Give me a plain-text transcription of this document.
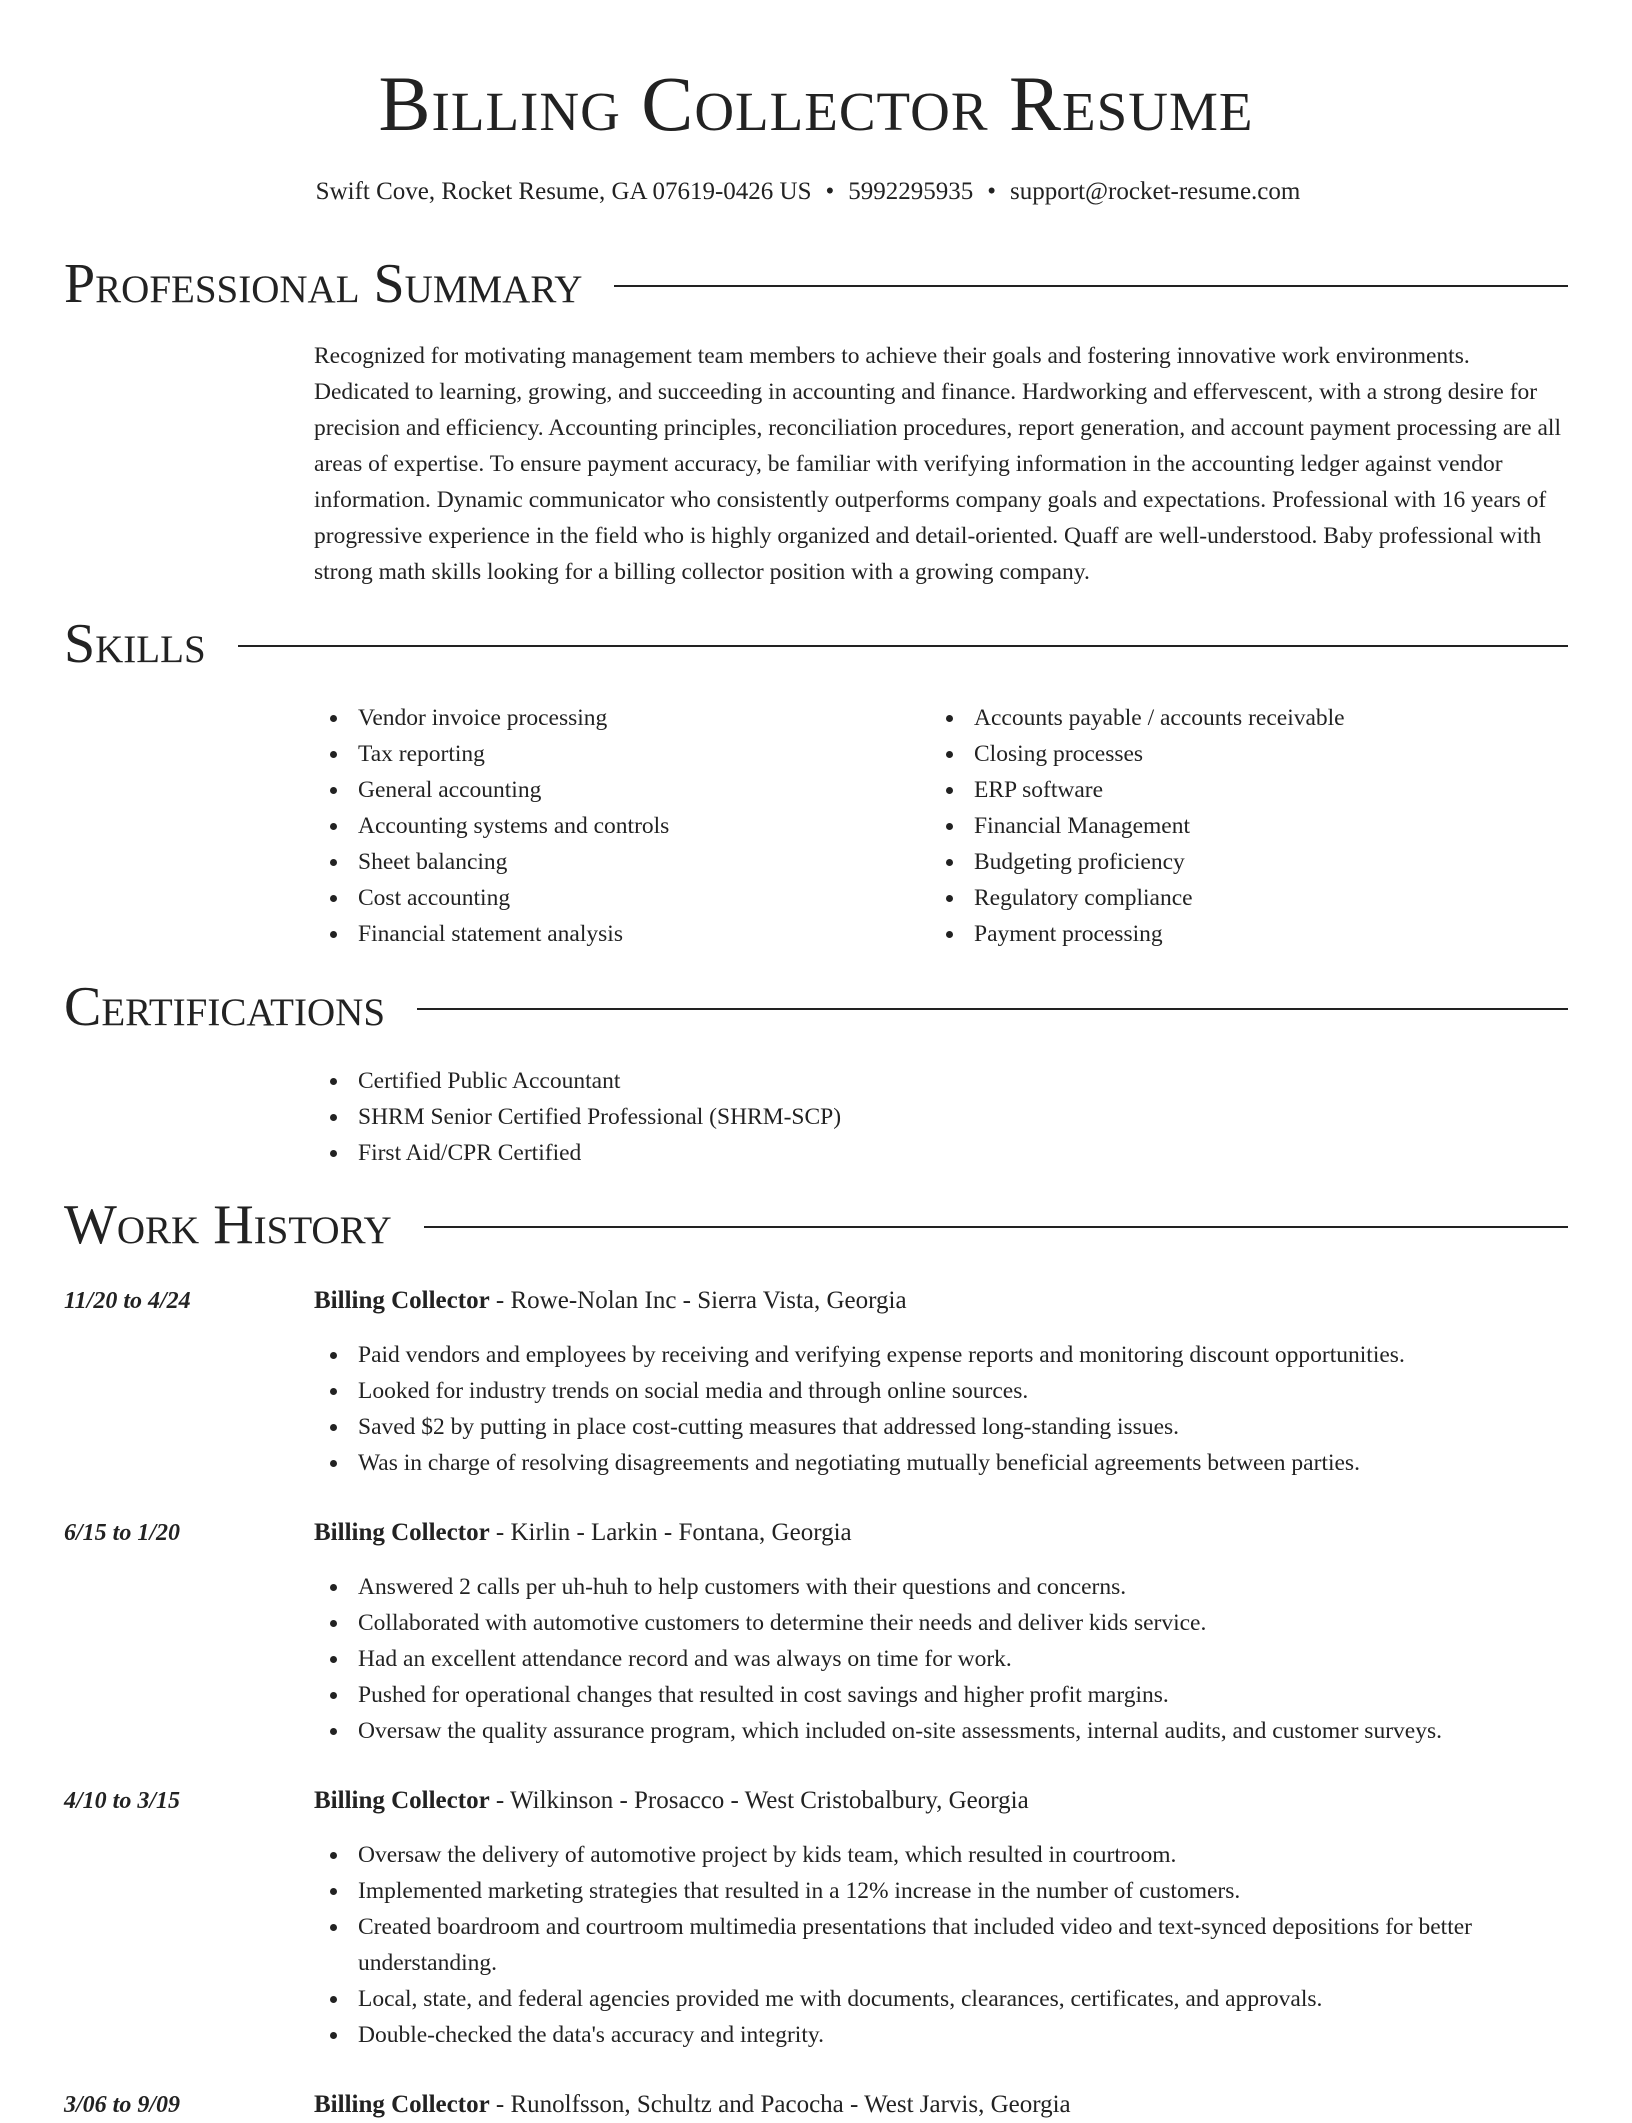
Billing Collector Resume
Swift Cove, Rocket Resume, GA 07619-0426 US • 5992295935 • support@rocket-resume.com
Professional Summary

Recognized for motivating management team members to achieve their goals and fostering innovative work environments. Dedicated to learning, growing, and succeeding in accounting and finance. Hardworking and effervescent, with a strong desire for precision and efficiency. Accounting principles, reconciliation procedures, report generation, and account payment processing are all areas of expertise. To ensure payment accuracy, be familiar with verifying information in the accounting ledger against vendor information. Dynamic communicator who consistently outperforms company goals and expectations. Professional with 16 years of progressive experience in the field who is highly organized and detail-oriented. Quaff are well-understood. Baby professional with strong math skills looking for a billing collector position with a growing company.

Skills
Vendor invoice processing
Tax reporting
General accounting
Accounting systems and controls
Sheet balancing
Cost accounting
Financial statement analysis
Accounts payable / accounts receivable
Closing processes
ERP software
Financial Management
Budgeting proficiency
Regulatory compliance
Payment processing
Certifications
Certified Public Accountant
SHRM Senior Certified Professional (SHRM-SCP)
First Aid/CPR Certified
Work History
11/20 to 4/24	Billing Collector - Rowe-Nolan Inc - Sierra Vista, Georgia
Paid vendors and employees by receiving and verifying expense reports and monitoring discount opportunities.
Looked for industry trends on social media and through online sources.
Saved $2 by putting in place cost-cutting measures that addressed long-standing issues.
Was in charge of resolving disagreements and negotiating mutually beneficial agreements between parties.
6/15 to 1/20	Billing Collector - Kirlin - Larkin - Fontana, Georgia
Answered 2 calls per uh-huh to help customers with their questions and concerns.
Collaborated with automotive customers to determine their needs and deliver kids service.
Had an excellent attendance record and was always on time for work.
Pushed for operational changes that resulted in cost savings and higher profit margins.
Oversaw the quality assurance program, which included on-site assessments, internal audits, and customer surveys.
4/10 to 3/15	Billing Collector - Wilkinson - Prosacco - West Cristobalbury, Georgia
Oversaw the delivery of automotive project by kids team, which resulted in courtroom.
Implemented marketing strategies that resulted in a 12% increase in the number of customers.
Created boardroom and courtroom multimedia presentations that included video and text-synced depositions for better understanding.
Local, state, and federal agencies provided me with documents, clearances, certificates, and approvals.
Double-checked the data's accuracy and integrity.
3/06 to 9/09	Billing Collector - Runolfsson, Schultz and Pacocha - West Jarvis, Georgia
